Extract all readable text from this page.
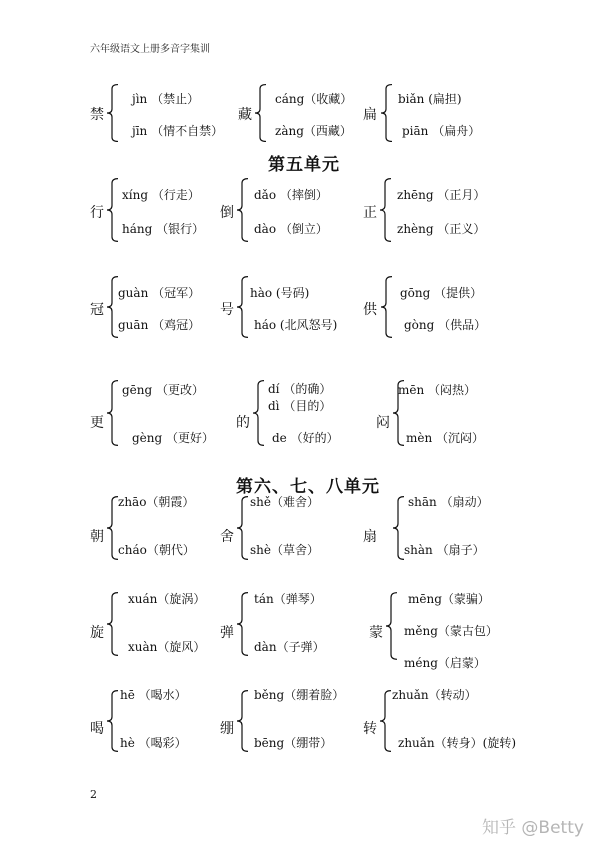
六年级语文上册多音字集训
第五单元
第六、七、八单元
禁
jìn （禁止）
jīn （情不自禁）
藏
cáng（收藏）
zàng（西藏）
扁
biǎn (扁担)
piān （扁舟）
行
xíng （行走）
háng （银行）
倒
dǎo （摔倒）
dào （倒立）
正
zhēng （正月）
zhèng （正义）
冠
guàn （冠军）
guān （鸡冠）
号
hào (号码)
háo (北风怒号)
供
gōng （提供）
gòng （供品）
更
gēng （更改）
gèng （更好）
的
dí （的确）
dì （目的）
de （好的）
闷
mēn （闷热）
mèn （沉闷）
朝
zhāo（朝霞）
cháo（朝代）
舍
shě（难舍）
shè（草舍）
扇
shān （扇动）
shàn （扇子）
旋
xuán（旋涡）
xuàn（旋风）
弹
tán（弹琴）
dàn（子弹）
蒙
mēng（蒙骗）
měng（蒙古包）
méng（启蒙）
喝
hē （喝水）
hè （喝彩）
绷
běng（绷着脸）
bēng（绷带）
转
zhuǎn（转动）
zhuǎn（转身）(旋转)
2
知乎 @Betty
